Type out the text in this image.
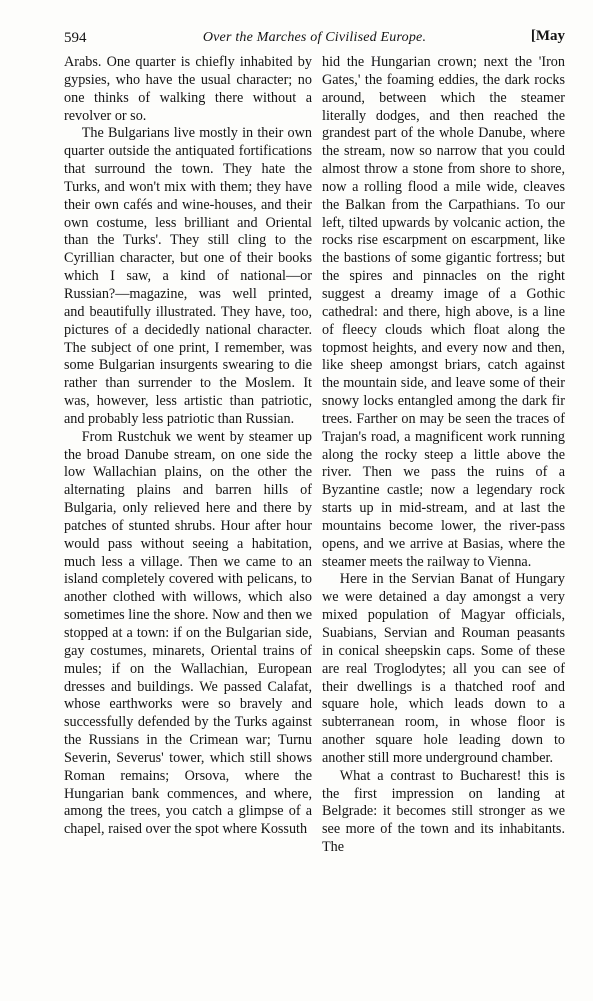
594	Over the Marches of Civilised Europe.	[May

Arabs. One quarter is chiefly inhabited by gypsies, who have the usual character; no one thinks of walking there without a revolver or so.

The Bulgarians live mostly in their own quarter outside the antiquated fortifications that surround the town. They hate the Turks, and won't mix with them; they have their own cafés and wine-houses, and their own costume, less brilliant and Oriental than the Turks'. They still cling to the Cyrillian character, but one of their books which I saw, a kind of national—or Russian?—magazine, was well printed, and beautifully illustrated. They have, too, pictures of a decidedly national character. The subject of one print, I remember, was some Bulgarian insurgents swearing to die rather than surrender to the Moslem. It was, however, less artistic than patriotic, and probably less patriotic than Russian.

From Rustchuk we went by steamer up the broad Danube stream, on one side the low Wallachian plains, on the other the alternating plains and barren hills of Bulgaria, only relieved here and there by patches of stunted shrubs. Hour after hour would pass without seeing a habitation, much less a village. Then we came to an island completely covered with pelicans, to another clothed with willows, which also sometimes line the shore. Now and then we stopped at a town: if on the Bulgarian side, gay costumes, minarets, Oriental trains of mules; if on the Wallachian, European dresses and buildings. We passed Calafat, whose earthworks were so bravely and successfully defended by the Turks against the Russians in the Crimean war; Turnu Severin, Severus' tower, which still shows Roman remains; Orsova, where the Hungarian bank commences, and where, among the trees, you catch a glimpse of a chapel, raised over the spot where Kossuth

hid the Hungarian crown; next the 'Iron Gates,' the foaming eddies, the dark rocks around, between which the steamer literally dodges, and then reached the grandest part of the whole Danube, where the stream, now so narrow that you could almost throw a stone from shore to shore, now a rolling flood a mile wide, cleaves the Balkan from the Carpathians. To our left, tilted upwards by volcanic action, the rocks rise escarpment on escarpment, like the bastions of some gigantic fortress; but the spires and pinnacles on the right suggest a dreamy image of a Gothic cathedral: and there, high above, is a line of fleecy clouds which float along the topmost heights, and every now and then, like sheep amongst briars, catch against the mountain side, and leave some of their snowy locks entangled among the dark fir trees. Farther on may be seen the traces of Trajan's road, a magnificent work running along the rocky steep a little above the river. Then we pass the ruins of a Byzantine castle; now a legendary rock starts up in mid-stream, and at last the mountains become lower, the river-pass opens, and we arrive at Basias, where the steamer meets the railway to Vienna.

Here in the Servian Banat of Hungary we were detained a day amongst a very mixed population of Magyar officials, Suabians, Servian and Rouman peasants in conical sheepskin caps. Some of these are real Troglodytes; all you can see of their dwellings is a thatched roof and square hole, which leads down to a subterranean room, in whose floor is another square hole leading down to another still more underground chamber.

What a contrast to Bucharest! this is the first impression on landing at Belgrade: it becomes still stronger as we see more of the town and its inhabitants. The
